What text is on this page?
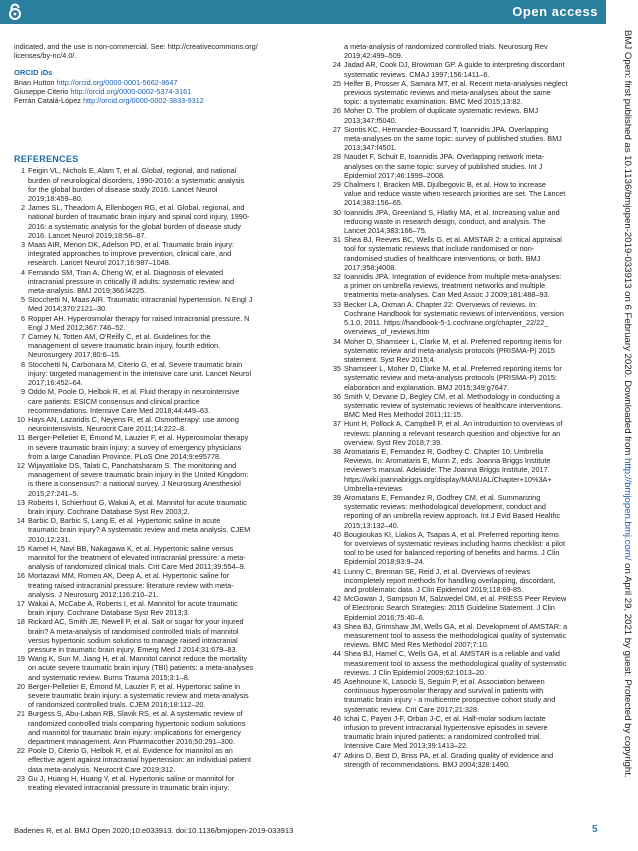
Open access
BMJ Open: first published as 10.1136/bmjopen-2019-033913 on 6 February 2020. Downloaded from http://bmjopen.bmj.com/ on April 29, 2021 by guest. Protected by copyright.

indicated, and the use is non-commercial. See: http://creativecommons.org/

licenses/by-nc/4.0/.

ORCID iDs

Brian Hutton http://orcid.org/0000-0001-5662-8647

Giuseppe Citerio http://orcid.org/0000-0002-5374-3161

Ferrán Catalá-López http://orcid.org/0000-0002-3833-9312

REFERENCES
1 Feigin VL, Nichols E, Alam T, et al. Global, regional, and national
burden of neurological disorders, 1990-2016: a systematic analysis
for the global burden of disease study 2016. Lancet Neurol
2019;18:459–80.
2 James SL, Theadom A, Ellenbogen RG, et al. Global, regional, and
national burden of traumatic brain injury and spinal cord injury, 1990-
2016: a systematic analysis for the global burden of disease study
2016. Lancet Neurol 2019;18:56–87.
3 Maas AIR, Menon DK, Adelson PD, et al. Traumatic brain injury:
integrated approaches to improve prevention, clinical care, and
research. Lancet Neurol 2017;16:987–1048.
4 Fernando SM, Tran A, Cheng W, et al. Diagnosis of elevated
intracranial pressure in critically ill adults: systematic review and
meta-analysis. BMJ 2019;366:l4225.
5 Stocchetti N, Maas AIR. Traumatic intracranial hypertension. N Engl J
Med 2014;370:2121–30.
6 Ropper AH. Hyperosmolar therapy for raised intracranial pressure. N
Engl J Med 2012;367:746–52.
7 Carney N, Totten AM, O'Reilly C, et al. Guidelines for the
management of severe traumatic brain injury, fourth edition.
Neurosurgery 2017;80:6–15.
8 Stocchetti N, Carbonara M, Citerio G, et al. Severe traumatic brain
injury: targeted management in the intensive care unit. Lancet Neurol
2017;16:452–64.
9 Oddo M, Poole D, Helbok R, et al. Fluid therapy in neurointensive
care patients: ESICM consensus and clinical practice
recommendations. Intensive Care Med 2018;44:449–63.
10 Hays AN, Lazaridis C, Neyens R, et al. Osmotherapy: use among
neurointensivists. Neurocrit Care 2011;14:222–8.
11 Berger-Pelletier E, Émond M, Lauzier F, et al. Hyperosmolar therapy
in severe traumatic brain injury: a survey of emergency physicians
from a large Canadian Province. PLoS One 2014;9:e95778.
12 Wijayatilake DS, Talati C, Panchatsharam S. The monitoring and
management of severe traumatic brain injury in the United Kingdom:
is there a consensus?: a national survey. J Neurosurg Anesthesiol
2015;27:241–5.
13 Roberts I, Schierhout G, Wakai A, et al. Mannitol for acute traumatic
brain injury. Cochrane Database Syst Rev 2003;2.
14 Barbic D, Barbic S, Lang E, et al. Hypertonic saline in acute
traumatic brain injury? A systematic review and meta analysis. CJEM
2010;12:231.
15 Kamel H, Navi BB, Nakagawa K, et al. Hypertonic saline versus
mannitol for the treatment of elevated intracranial pressure: a meta-
analysis of randomized clinical trials. Crit Care Med 2011;39:554–9.
16 Mortazavi MM, Romeo AK, Deep A, et al. Hypertonic saline for
treating raised intracranial pressure: literature review with meta-
analysis. J Neurosurg 2012;116:210–21.
17 Wakai A, McCabe A, Roberts I, et al. Mannitol for acute traumatic
brain injury. Cochrane Database Syst Rev 2013;3.
18 Rickard AC, Smith JE, Newell P, et al. Salt or sugar for your injured
brain? A meta-analysis of randomised controlled trials of mannitol
versus hypertonic sodium solutions to manage raised intracranial
pressure in traumatic brain injury. Emerg Med J 2014;31:679–83.
19 Wang K, Sun M, Jiang H, et al. Mannitol cannot reduce the mortality
on acute severe traumatic brain injury (TBI) patients: a meta-analyses
and systematic review. Burns Trauma 2015;3:1–8.
20 Berger-Pelletier E, Émond M, Lauzier F, et al. Hypertonic saline in
severe traumatic brain injury: a systematic review and meta-analysis
of randomized controlled trials. CJEM 2016;18:112–20.
21 Burgess S, Abu-Laban RB, Slavik RS, et al. A systematic review of
randomized controlled trials comparing hypertonic sodium solutions
and mannitol for traumatic brain injury: implications for emergency
department management. Ann Pharmacother 2016;50:291–300.
22 Poole D, Citerio G, Helbok R, et al. Evidence for mannitol as an
effective agent against intracranial hypertension: an individual patient
data meta-analysis. Neurocrit Care 2019;312.
23 Gu J, Huang H, Huang Y, et al. Hypertonic saline or mannitol for
treating elevated intracranial pressure in traumatic brain injury:
a meta-analysis of randomized controlled trials. Neurosurg Rev
2019;42:499–509.
24 Jadad AR, Cook DJ, Browman GP. A guide to interpreting discordant
systematic reviews. CMAJ 1997;156:1411–6.
25 Helfer B, Prosser A, Samara MT, et al. Recent meta-analyses neglect
previous systematic reviews and meta-analyses about the same
topic: a systematic examination. BMC Med 2015;13:82.
26 Moher D. The problem of duplicate systematic reviews. BMJ
2013;347:f5040.
27 Siontis KC, Hernandez-Boussard T, Ioannidis JPA. Overlapping
meta-analyses on the same topic: survey of published studies. BMJ
2013;347:f4501.
28 Naudet F, Schuit E, Ioannidis JPA. Overlapping network meta-
analyses on the same topic: survey of published studies. Int J
Epidemiol 2017;46:1999–2008.
29 Chalmers I, Bracken MB, Djulbegovic B, et al. How to increase
value and reduce waste when research priorities are set. The Lancet
2014;383:156–65.
30 Ioannidis JPA, Greenland S, Hlatky MA, et al. Increasing value and
reducing waste in research design, conduct, and analysis. The
Lancet 2014;383:166–75.
31 Shea BJ, Reeves BC, Wells G, et al. AMSTAR 2: a critical appraisal
tool for systematic reviews that include randomised or non-
randomised studies of healthcare interventions, or both. BMJ
2017;358:j4008.
32 Ioannidis JPA. Integration of evidence from multiple meta-analyses:
a primer on umbrella reviews, treatment networks and multiple
treatments meta-analyses. Can Med Assoc J 2009;181:488–93.
33 Becker LA, Oxman A. Chapter 22: Overviews of reviews. In:
Cochrane Handbook for systematic reviews of interventions, version
5.1.0, 2011. https://handbook-5-1.cochrane.org/chapter_22/22_
overviews_of_reviews.htm
34 Moher D, Shamseer L, Clarke M, et al. Preferred reporting items for
systematic review and meta-analysis protocols (PRISMA-P) 2015
statement. Syst Rev 2015;4.
35 Shamseer L, Moher D, Clarke M, et al. Preferred reporting items for
systematic review and meta-analysis protocols (PRISMA-P) 2015:
elaboration and explanation. BMJ 2015;349:g7647.
36 Smith V, Devane D, Begley CM, et al. Methodology in conducting a
systematic review of systematic reviews of healthcare interventions.
BMC Med Res Methodol 2011;11:15.
37 Hunt H, Pollock A, Campbell P, et al. An introduction to overviews of
reviews: planning a relevant research question and objective for an
overview. Syst Rev 2018;7:39.
38 Aromataris E, Fernandez R, Godfrey C. Chapter 10: Umbrella
Reviews. In: Aromataris E, Munn Z, eds. Joanna Briggs Institute
reviewer's manual. Adelaide: The Joanna Briggs Institute, 2017.
https://wiki.joannabriggs.org/display/MANUAL/Chapter+10%3A+
Umbrella+reviews
39 Aromataris E, Fernandez R, Godfrey CM, et al. Summarizing
systematic reviews: methodological development, conduct and
reporting of an umbrella review approach. Int J Evid Based Healthc
2015;13:132–40.
40 Bougioukas KI, Liakos A, Tsapas A, et al. Preferred reporting items
for overviews of systematic reviews including harms checklist: a pilot
tool to be used for balanced reporting of benefits and harms. J Clin
Epidemiol 2018;93:9–24.
41 Lunny C, Brennan SE, Reid J, et al. Overviews of reviews
incompletely report methods for handling overlapping, discordant,
and problematic data. J Clin Epidemiol 2019;118:69-85.
42 McGowan J, Sampson M, Salzwedel DM, et al. PRESS Peer Review
of Electronic Search Strategies: 2015 Guideline Statement. J Clin
Epidemiol 2016;75:40–6.
43 Shea BJ, Grimshaw JM, Wells GA, et al. Development of AMSTAR: a
measurement tool to assess the methodological quality of systematic
reviews. BMC Med Res Methodol 2007;7:10.
44 Shea BJ, Hamel C, Wells GA, et al. AMSTAR is a reliable and valid
measurement tool to assess the methodological quality of systematic
reviews. J Clin Epidemiol 2009;62:1013–20.
45 Asehnoune K, Lasocki S, Seguin P, et al. Association between
continuous hyperosmolar therapy and survival in patients with
traumatic brain injury - a multicentre prospective cohort study and
systematic review. Crit Care 2017;21:328.
46 Ichai C, Payen J-F, Orban J-C, et al. Half-molar sodium lactate
infusion to prevent intracranial hypertensive episodes in severe
traumatic brain injured patients: a randomized controlled trial.
Intensive Care Med 2013;39:1413–22.
47 Atkins D, Best D, Briss PA, et al. Grading quality of evidence and
strength of recommendations. BMJ 2004;328:1490.
Badenes R, et al. BMJ Open 2020;10:e033913. doi:10.1136/bmjopen-2019-033913	5
